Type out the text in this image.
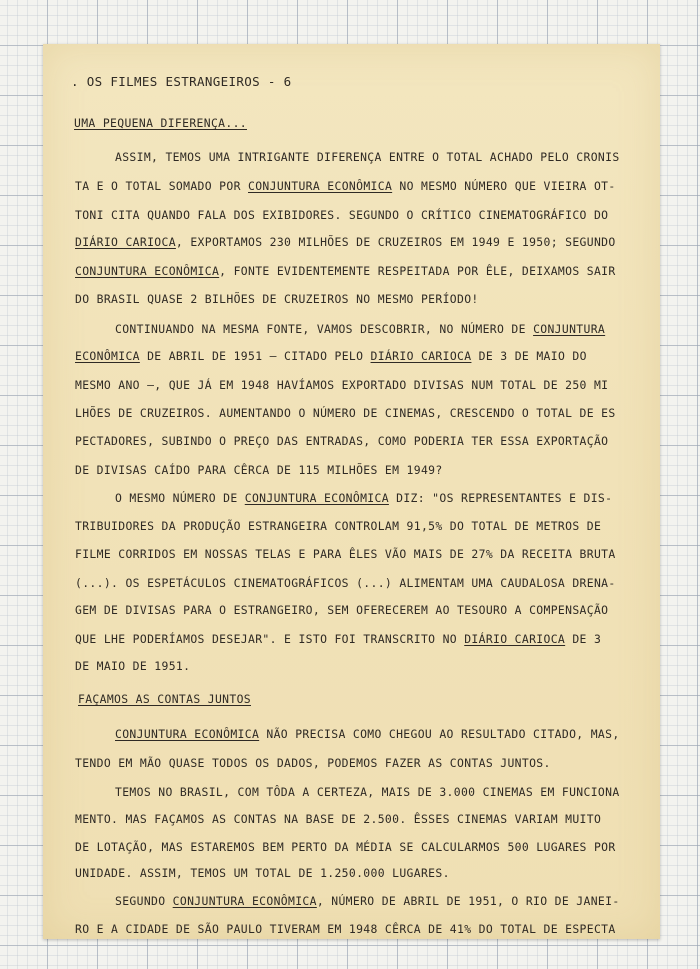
. OS FILMES ESTRANGEIROS - 6
UMA PEQUENA DIFERENÇA...
ASSIM, TEMOS UMA INTRIGANTE DIFERENÇA ENTRE O TOTAL ACHADO PELO CRONIS
TA E O TOTAL SOMADO POR CONJUNTURA ECONÔMICA NO MESMO NÚMERO QUE VIEIRA OT-
TONI CITA QUANDO FALA DOS EXIBIDORES. SEGUNDO O CRÍTICO CINEMATOGRÁFICO DO
DIÁRIO CARIOCA, EXPORTAMOS 230 MILHÕES DE CRUZEIROS EM 1949 E 1950; SEGUNDO
CONJUNTURA ECONÔMICA, FONTE EVIDENTEMENTE RESPEITADA POR ÊLE, DEIXAMOS SAIR
DO BRASIL QUASE 2 BILHÕES DE CRUZEIROS NO MESMO PERÍODO!
CONTINUANDO NA MESMA FONTE, VAMOS DESCOBRIR, NO NÚMERO DE CONJUNTURA
ECONÔMICA DE ABRIL DE 1951 — CITADO PELO DIÁRIO CARIOCA DE 3 DE MAIO DO
MESMO ANO —, QUE JÁ EM 1948 HAVÍAMOS EXPORTADO DIVISAS NUM TOTAL DE 250 MI
LHÕES DE CRUZEIROS. AUMENTANDO O NÚMERO DE CINEMAS, CRESCENDO O TOTAL DE ES
PECTADORES, SUBINDO O PREÇO DAS ENTRADAS, COMO PODERIA TER ESSA EXPORTAÇÃO
DE DIVISAS CAÍDO PARA CÊRCA DE 115 MILHÕES EM 1949?
O MESMO NÚMERO DE CONJUNTURA ECONÔMICA DIZ: "OS REPRESENTANTES E DIS-
TRIBUIDORES DA PRODUÇÃO ESTRANGEIRA CONTROLAM 91,5% DO TOTAL DE METROS DE
FILME CORRIDOS EM NOSSAS TELAS E PARA ÊLES VÃO MAIS DE 27% DA RECEITA BRUTA
(...). OS ESPETÁCULOS CINEMATOGRÁFICOS (...) ALIMENTAM UMA CAUDALOSA DRENA-
GEM DE DIVISAS PARA O ESTRANGEIRO, SEM OFERECEREM AO TESOURO A COMPENSAÇÃO
QUE LHE PODERÍAMOS DESEJAR". E ISTO FOI TRANSCRITO NO DIÁRIO CARIOCA DE 3
DE MAIO DE 1951.
FAÇAMOS AS CONTAS JUNTOS
CONJUNTURA ECONÔMICA NÃO PRECISA COMO CHEGOU AO RESULTADO CITADO, MAS,
TENDO EM MÃO QUASE TODOS OS DADOS, PODEMOS FAZER AS CONTAS JUNTOS.
TEMOS NO BRASIL, COM TÔDA A CERTEZA, MAIS DE 3.000 CINEMAS EM FUNCIONA
MENTO. MAS FAÇAMOS AS CONTAS NA BASE DE 2.500. ÊSSES CINEMAS VARIAM MUITO
DE LOTAÇÃO, MAS ESTAREMOS BEM PERTO DA MÉDIA SE CALCULARMOS 500 LUGARES POR
UNIDADE. ASSIM, TEMOS UM TOTAL DE 1.250.000 LUGARES.
SEGUNDO CONJUNTURA ECONÔMICA, NÚMERO DE ABRIL DE 1951, O RIO DE JANEI-
RO E A CIDADE DE SÃO PAULO TIVERAM EM 1948 CÊRCA DE 41% DO TOTAL DE ESPECTA
